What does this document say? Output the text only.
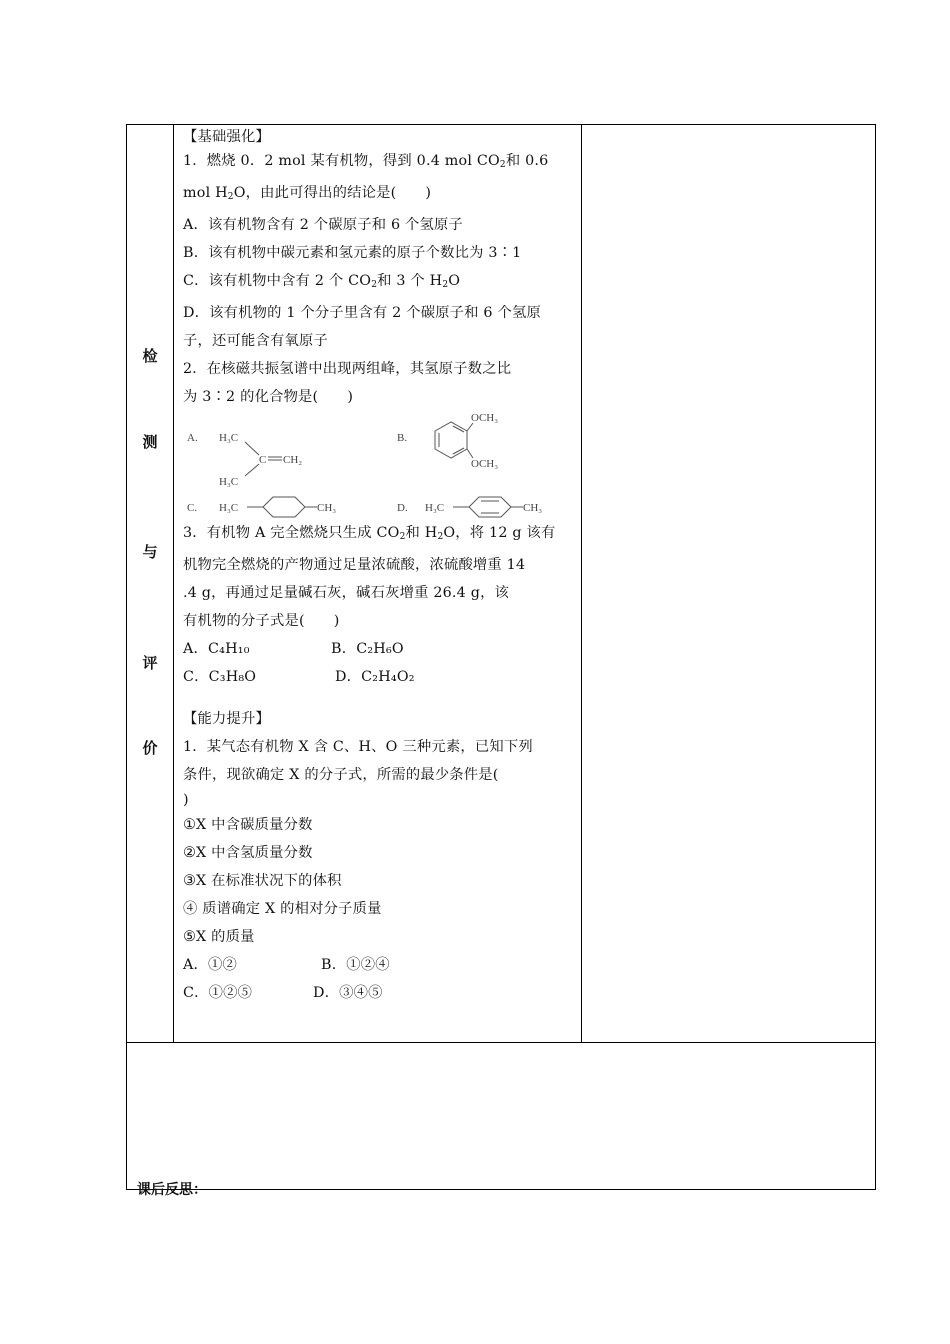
检
测
与
评
价
【基础强化】
1．燃烧 0．2 mol 某有机物，得到 0.4 mol $CO_2$和 0.6
mol $H_2O$，由此可得出的结论是(　　)
A．该有机物含有 2 个碳原子和 6 个氢原子
B．该有机物中碳元素和氢元素的原子个数比为 3∶1
C．该有机物中含有 2 个 $CO_2$和 3 个 $H_2O$
D．该有机物的 1 个分子里含有 2 个碳原子和 6 个氢原
子，还可能含有氧原子
2．在核磁共振氢谱中出现两组峰，其氢原子数之比
为 3∶2 的化合物是(　　)
A. H₃C
H₃C
C CH₂
B.
OCH₃
OCH₃
C. H₃C	CH₃	D. H₃C	CH₃
3．有机物 A 完全燃烧只生成 $CO_2$和 $H_2O$，将 12 g 该有
机物完全燃烧的产物通过足量浓硫酸，浓硫酸增重 14
.4 g，再通过足量碱石灰，碱石灰增重 26.4 g，该
有机物的分子式是(　　)
A．C₄H₁₀	B．C₂H₆O
C．C₃H₈O	D．C₂H₄O₂
【能力提升】
1．某气态有机物 X 含 C、H、O 三种元素，已知下列
条件，现欲确定 X 的分子式，所需的最少条件是(
)
①X 中含碳质量分数
②X 中含氢质量分数
③X 在标准状况下的体积
④ 质谱确定 X 的相对分子质量
⑤X 的质量
A．①②	B．①②④
C．①②⑤	D．③④⑤
课后反思：
